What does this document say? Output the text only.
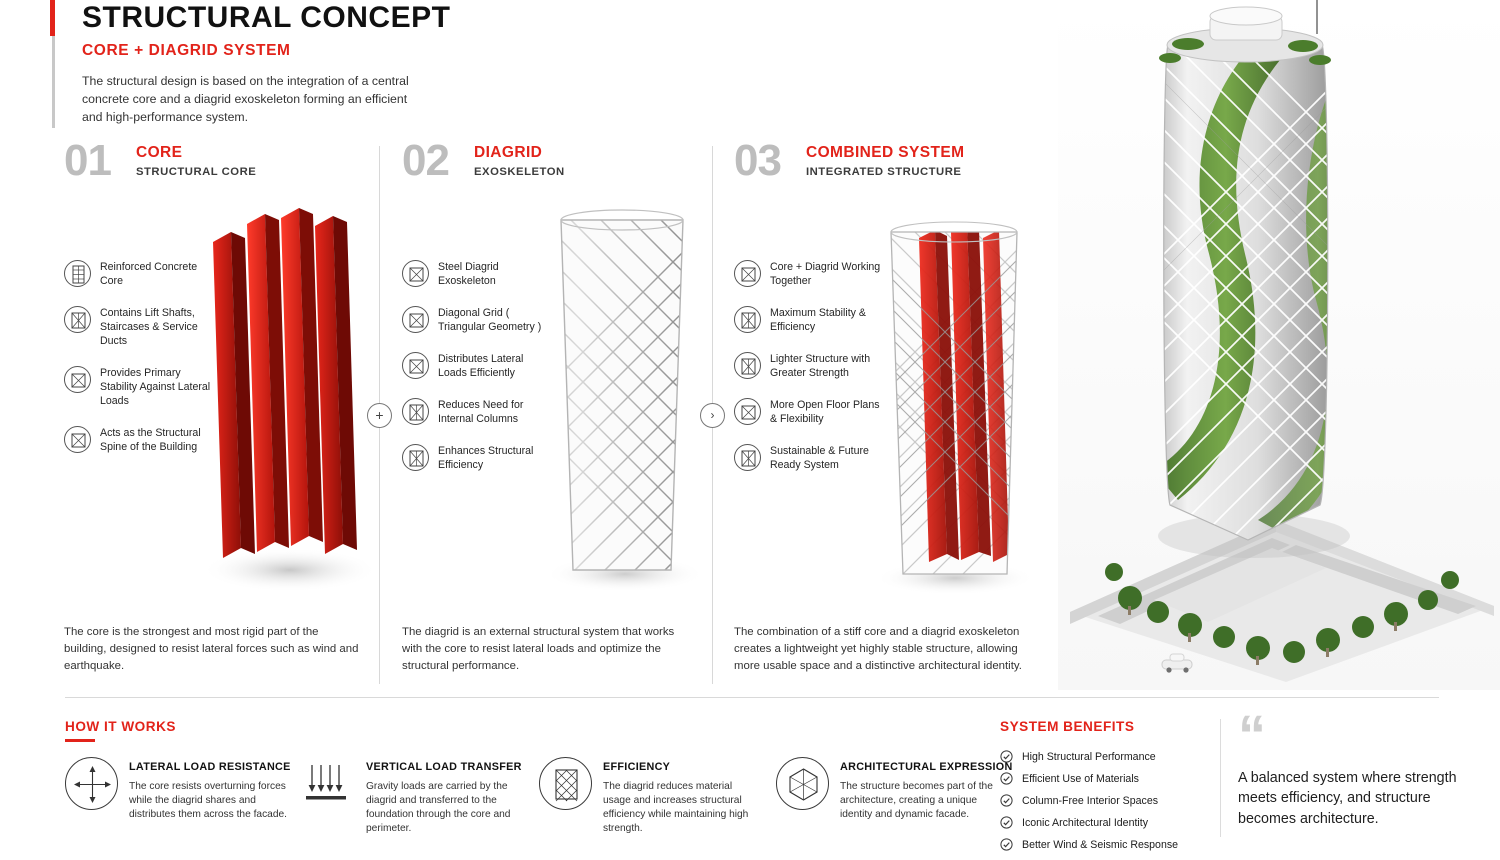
STRUCTURAL CONCEPT
CORE + DIAGRID SYSTEM
The structural design is based on the integration of a central concrete core and a diagrid exoskeleton forming an efficient and high-performance system.
01 CORE
STRUCTURAL CORE
Reinforced Concrete Core
Contains Lift Shafts, Staircases & Service Ducts
Provides Primary Stability Against Lateral Loads
Acts as the Structural Spine of the Building
The core is the strongest and most rigid part of the building, designed to resist lateral forces such as wind and earthquake.
02 DIAGRID
EXOSKELETON
Steel Diagrid Exoskeleton
Diagonal Grid ( Triangular Geometry )
Distributes Lateral Loads Efficiently
Reduces Need for Internal Columns
Enhances Structural Efficiency
The diagrid is an external structural system that works with the core to resist lateral loads and optimize the structural performance.
03 COMBINED SYSTEM
INTEGRATED STRUCTURE
Core + Diagrid Working Together
Maximum Stability & Efficiency
Lighter Structure with Greater Strength
More Open Floor Plans & Flexibility
Sustainable & Future Ready System
The combination of a stiff core and a diagrid exoskeleton creates a lightweight yet highly stable structure, allowing more usable space and a distinctive architectural identity.
+	›
HOW IT WORKS
LATERAL LOAD RESISTANCE
The core resists overturning forces while the diagrid shares and distributes them across the facade.
VERTICAL LOAD TRANSFER
Gravity loads are carried by the diagrid and transferred to the foundation through the core and perimeter.
EFFICIENCY
The diagrid reduces material usage and increases structural efficiency while maintaining high strength.
ARCHITECTURAL EXPRESSION
The structure becomes part of the architecture, creating a unique identity and dynamic facade.
SYSTEM BENEFITS
High Structural Performance
Efficient Use of Materials
Column-Free Interior Spaces
Iconic Architectural Identity
Better Wind & Seismic Response
“
A balanced system where strength meets efficiency, and structure becomes architecture.
